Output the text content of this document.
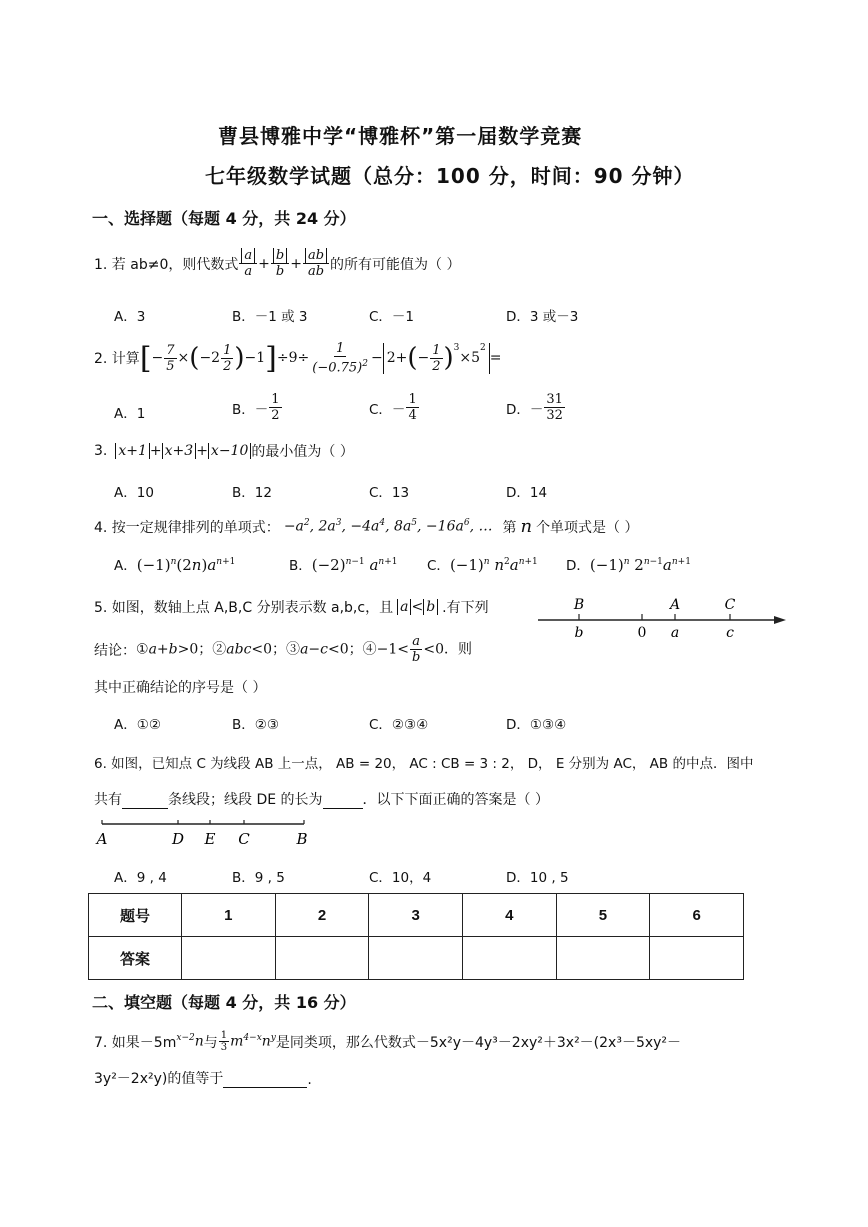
曹县博雅中学“博雅杯”第一届数学竞赛
七年级数学试题（总分：100 分，时间：90 分钟）
一、选择题（每题 4 分，共 24 分）
1. 若 ab≠0，则代数式 $\frac{a}{a} + \frac{b}{b} + \frac{ab}{ab}$ 的所有可能值为（ ）
A．3	B．－1 或 3	C．－1	D．3 或－3
2. 计算 [ − $\frac{7}{5}$ × ( $-2 \frac{1}{2}$ ) −1 ] $\div 9\div \frac{1}{(-0.75)^2} - 2+$ ( − $\frac{1}{2} )^3$
×5
2
=
A．1	B．－ $\frac{1}{2}$	C．－ $\frac{1}{4}$	D．－ $\frac{31}{32}$
3. x+1 + x+3 + x−10 的最小值为（ ）
A．10	B．12	C．13	D．14
4. 按一定规律排列的单项式： $-a^2$, $2a^3$, $-4a^4$, $8a^5$, $-16a^6$, … 第 n 个单项式是（ ）
A．$(-1)^n(2n)a^{n+1}$	B．$(-2)^{n-1}$ $a^{n+1}$ C．$(-1)^n$ $n^2a^{n+1}$ D．$(-1)^n$ $2^{n-1}a^{n+1}$
5. 如图，数轴上点 A,B,C 分别表示数 a,b,c，且 a < b .有下列
结论： ①a+b>0；②abc<0；③a−c<0；④−1< $\frac{a}{b} <0$．则
其中正确结论的序号是（ ）
A．①②	B．②③	C．②③④	D．①③④
B
b	0
A
a
C
c
6. 如图，已知点 C 为线段 AB 上一点， AB = 20， AC : CB = 3 : 2， D， E 分别为 AC， AB 的中点．图中
共有	条线段；线段 DE 的长为	．以下下面正确的答案是（ ）
A	D E C	B
A．9 , 4	B．9 , 5	C．10，4	D．10 , 5
题号	1	2	3	4	5	6
答案						
二、填空题（每题 4 分，共 16 分）
7. 如果－5m $^{x-2}$n 与 $\frac{1}{3} m^{4-x}n^y$ 是同类项，那么代数式－5x²y－4y³－2xy²＋3x²－(2x³－5xy²－
3y²－2x²y)的值等于	.
